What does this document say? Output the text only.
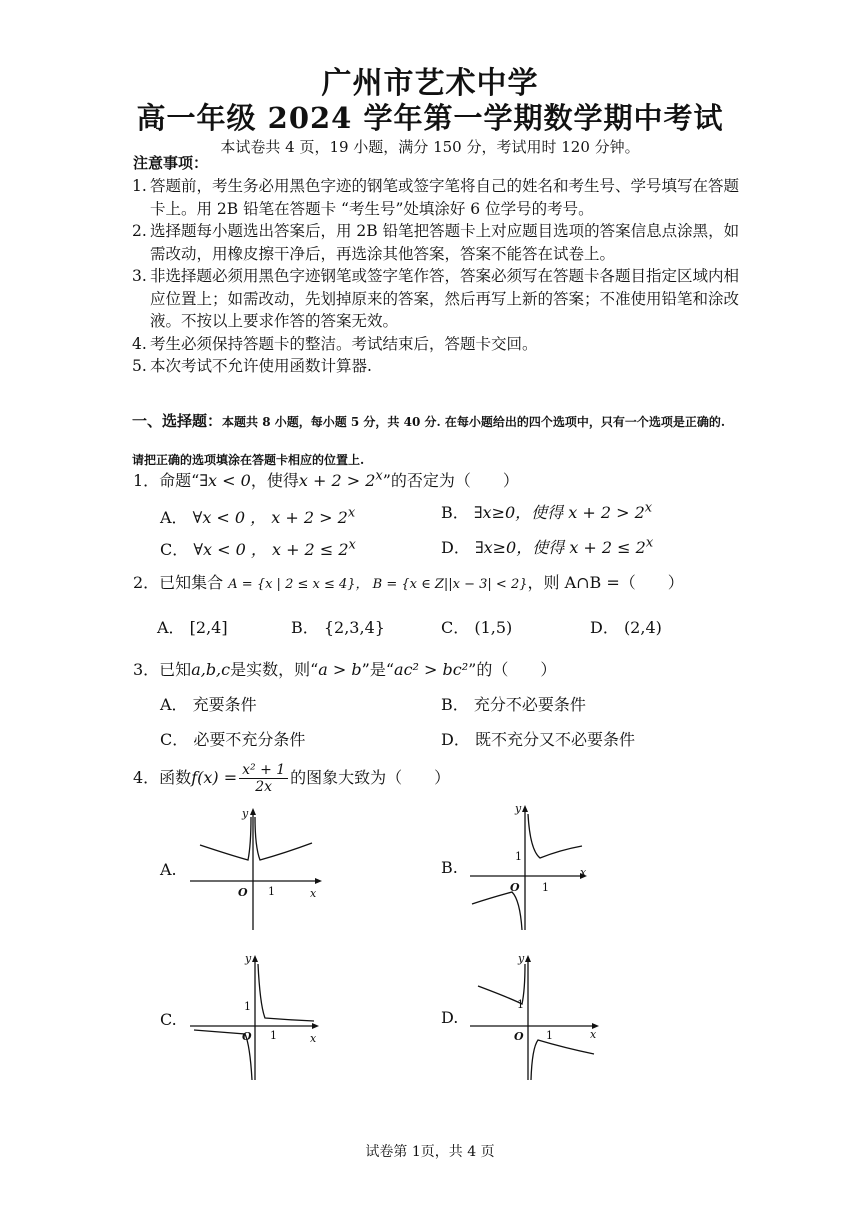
广州市艺术中学
高一年级 2024 学年第一学期数学期中考试
本试卷共 4 页，19 小题，满分 150 分，考试用时 120 分钟。
注意事项：
1. 答题前，考生务必用黑色字迹的钢笔或签字笔将自己的姓名和考生号、学号填写在答题卡上。用 2B 铅笔在答题卡 “考生号”处填涂好 6 位学号的考号。
2. 选择题每小题选出答案后，用 2B 铅笔把答题卡上对应题目选项的答案信息点涂黑，如需改动，用橡皮擦干净后，再选涂其他答案，答案不能答在试卷上。
3. 非选择题必须用黑色字迹钢笔或签字笔作答，答案必须写在答题卡各题目指定区域内相应位置上；如需改动，先划掉原来的答案，然后再写上新的答案；不准使用铅笔和涂改液。不按以上要求作答的答案无效。
4. 考生必须保持答题卡的整洁。考试结束后，答题卡交回。
5. 本次考试不允许使用函数计算器.
一、选择题：本题共 8 小题，每小题 5 分，共 40 分. 在每小题给出的四个选项中，只有一个选项是正确的. 请把正确的选项填涂在答题卡相应的位置上.
1．命题“∃x < 0，使得$x + 2 > 2^x$”的否定为（　　）
A． ∀x < 0 ， $x + 2 > 2^x$	B． ∃x≥0，使得 $x + 2 > 2^x$
C． ∀x < 0 ， $x + 2 \le 2^x$	D． ∃x≥0，使得 $x + 2 \le 2^x$
2．已知集合 A = {x | 2 ≤ x ≤ 4}， B = {x ∈ Z||x − 3| < 2}，则 A∩B =（　　）
A． [2,4]	B． {2,3,4}	C． (1,5)	D． (2,4)
3．已知a,b,c是实数，则“a > b”是“ac² > bc²”的（　　）
A． 充要条件	B． 充分不必要条件
C． 必要不充分条件	D． 既不充分又不必要条件
4．函数$f(x) = \frac{\text{x² + 1}}{2x}$ 的图象大致为（　　）
A.	B.
C.	D.
y
x
O 1
y
x
O 1
1
y
x
O 1
1
y
x
O 1
1
试卷第 1页，共 4 页
